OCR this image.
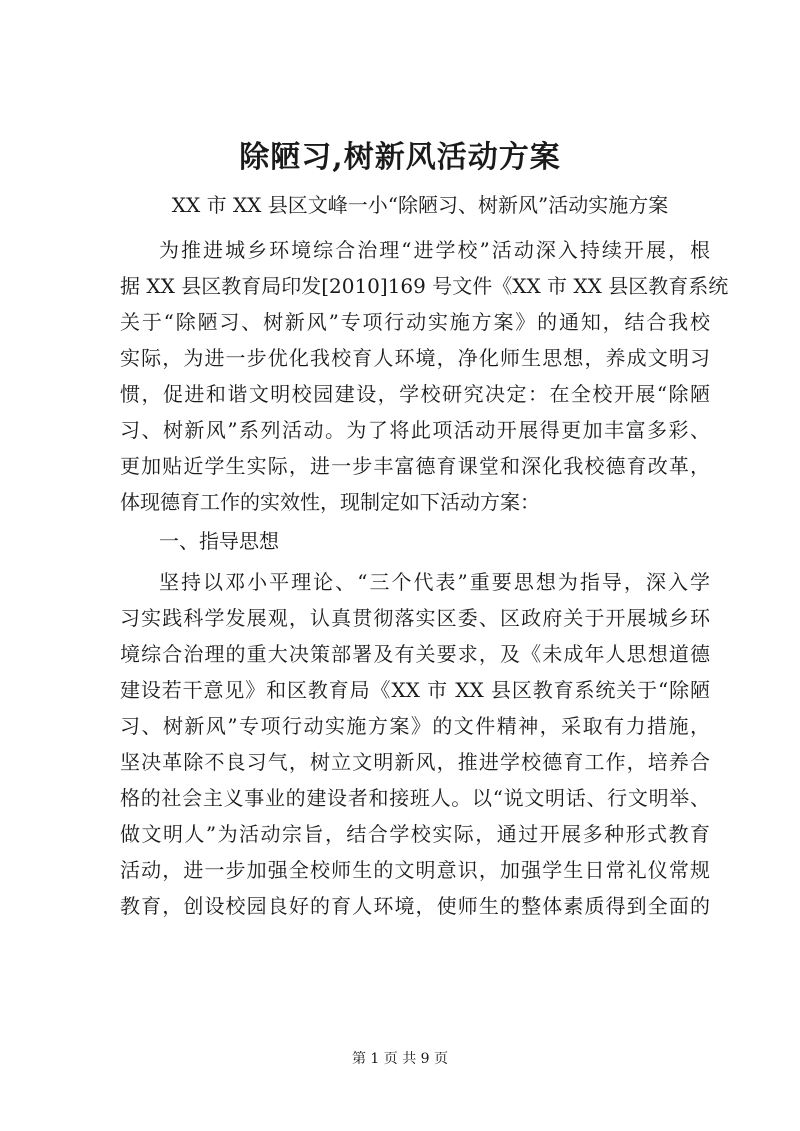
除陋习,树新风活动方案
XX 市 XX 县区文峰一小“除陋习、树新风”活动实施方案
为推进城乡环境综合治理“进学校”活动深入持续开展，根
据 XX 县区教育局印发[2010]169 号文件《XX 市 XX 县区教育系统
关于“除陋习、树新风”专项行动实施方案》的通知，结合我校
实际，为进一步优化我校育人环境，净化师生思想，养成文明习
惯，促进和谐文明校园建设，学校研究决定：在全校开展“除陋
习、树新风”系列活动。为了将此项活动开展得更加丰富多彩、
更加贴近学生实际，进一步丰富德育课堂和深化我校德育改革，
体现德育工作的实效性，现制定如下活动方案：
一、指导思想
坚持以邓小平理论、“三个代表”重要思想为指导，深入学
习实践科学发展观，认真贯彻落实区委、区政府关于开展城乡环
境综合治理的重大决策部署及有关要求，及《未成年人思想道德
建设若干意见》和区教育局《XX 市 XX 县区教育系统关于“除陋
习、树新风”专项行动实施方案》的文件精神，采取有力措施，
坚决革除不良习气，树立文明新风，推进学校德育工作，培养合
格的社会主义事业的建设者和接班人。以“说文明话、行文明举、
做文明人”为活动宗旨，结合学校实际，通过开展多种形式教育
活动，进一步加强全校师生的文明意识，加强学生日常礼仪常规
教育，创设校园良好的育人环境，使师生的整体素质得到全面的
第 1 页 共 9 页
